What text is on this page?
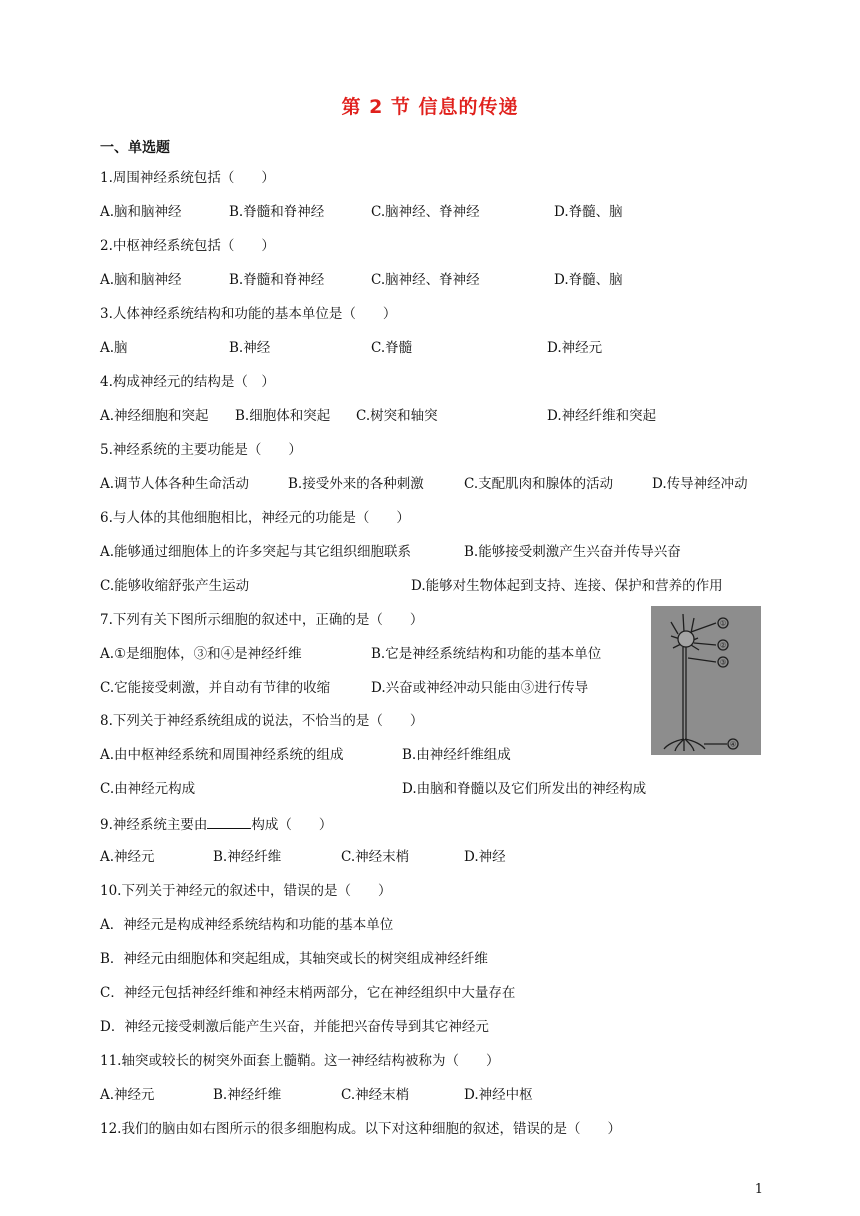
第 2 节 信息的传递
一、单选题
1.周围神经系统包括（　　）
A.脑和脑神经	B.脊髓和脊神经	C.脑神经、脊神经	D.脊髓、脑
2.中枢神经系统包括（　　）
A.脑和脑神经	B.脊髓和脊神经	C.脑神经、脊神经	D.脊髓、脑
3.人体神经系统结构和功能的基本单位是（　　）
A.脑	B.神经	C.脊髓	D.神经元
4.构成神经元的结构是（　）
A.神经细胞和突起 B.细胞体和突起 C.树突和轴突	D.神经纤维和突起
5.神经系统的主要功能是（　　）
A.调节人体各种生命活动	B.接受外来的各种刺激	C.支配肌肉和腺体的活动	D.传导神经冲动
6.与人体的其他细胞相比，神经元的功能是（　　）
A.能够通过细胞体上的许多突起与其它组织细胞联系	B.能够接受刺激产生兴奋并传导兴奋
C.能够收缩舒张产生运动	D.能够对生物体起到支持、连接、保护和营养的作用
7.下列有关下图所示细胞的叙述中，正确的是（　　）
A.①是细胞体，③和④是神经纤维	B.它是神经系统结构和功能的基本单位
C.它能接受刺激，并自动有节律的收缩	D.兴奋或神经冲动只能由③进行传导
①
②
③
④
8.下列关于神经系统组成的说法，不恰当的是（　　）
A.由中枢神经系统和周围神经系统的组成	B.由神经纤维组成
C.由神经元构成	D.由脑和脊髓以及它们所发出的神经构成
9.神经系统主要由	构成（　　）
A.神经元	B.神经纤维	C.神经末梢	D.神经
10.下列关于神经元的叙述中，错误的是（　　）
A．神经元是构成神经系统结构和功能的基本单位
B．神经元由细胞体和突起组成，其轴突或长的树突组成神经纤维
C．神经元包括神经纤维和神经末梢两部分，它在神经组织中大量存在
D．神经元接受刺激后能产生兴奋，并能把兴奋传导到其它神经元
11.轴突或较长的树突外面套上髓鞘。这一神经结构被称为（　　）
A.神经元	B.神经纤维	C.神经末梢	D.神经中枢
12.我们的脑由如右图所示的很多细胞构成。以下对这种细胞的叙述，错误的是（　　）
1
